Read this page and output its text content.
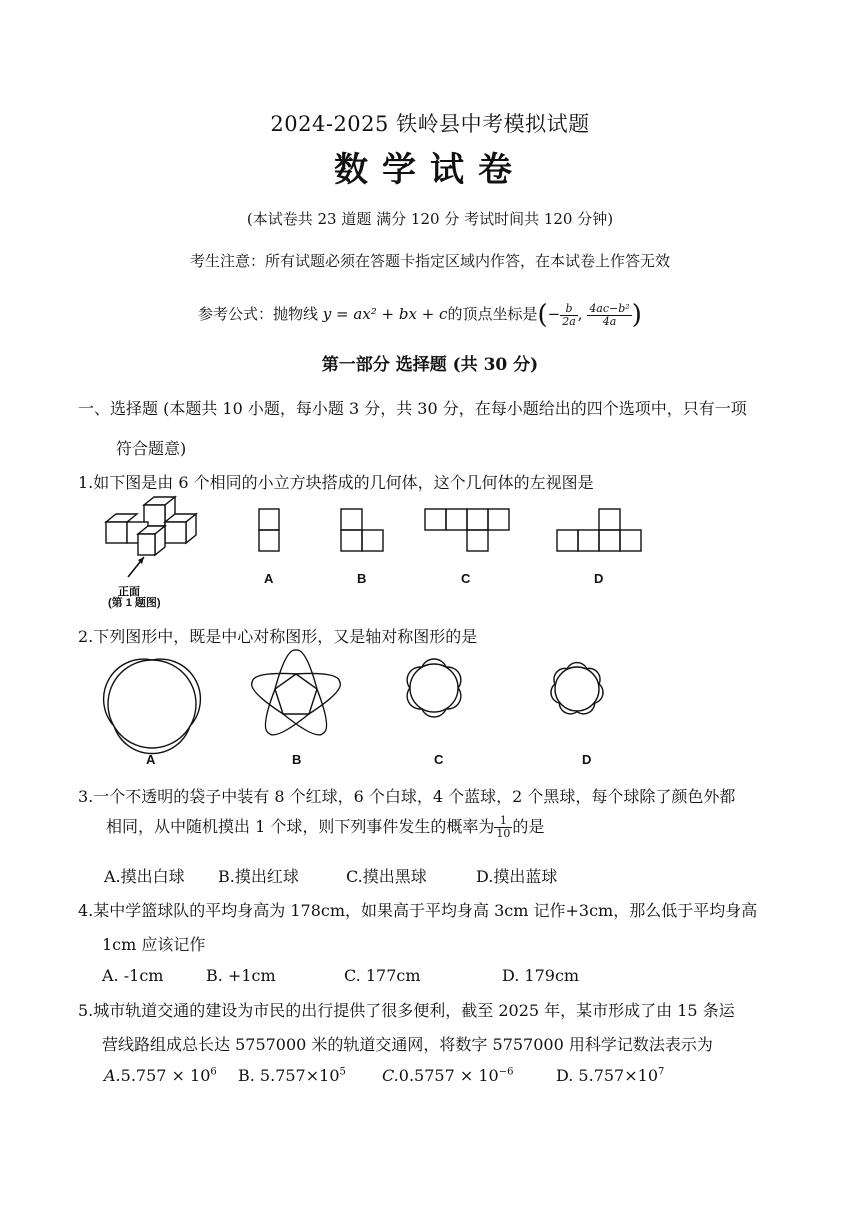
2024-2025 铁岭县中考模拟试题
数学试卷
(本试卷共 23 道题 满分 120 分 考试时间共 120 分钟)
考生注意：所有试题必须在答题卡指定区域内作答，在本试卷上作答无效
参考公式：抛物线 y = ax² + bx + c的顶点坐标是(− $\frac{b}{2a}$ , $\frac{\text{4ac−b²}}{4a}$ )
第一部分 选择题 (共 30 分)
一、选择题 (本题共 10 小题，每小题 3 分，共 30 分，在每小题给出的四个选项中，只有一项
符合题意)
1.如下图是由 6 个相同的小立方块搭成的几何体，这个几何体的左视图是
正面
(第 1 题图)
A	B	C	D
2.下列图形中，既是中心对称图形，又是轴对称图形的是
A	B	C	D
3.一个不透明的袋子中装有 8 个红球，6 个白球，4 个蓝球，2 个黑球，每个球除了颜色外都
相同，从中随机摸出 1 个球，则下列事件发生的概率为 $\frac{1}{10}$ 的是
A.摸出白球 B.摸出红球	C.摸出黑球	D.摸出蓝球
4.某中学篮球队的平均身高为 178cm，如果高于平均身高 3cm 记作+3cm，那么低于平均身高
1cm 应该记作
A. -1cm	B. +1cm	C. 177cm	D. 179cm
5.城市轨道交通的建设为市民的出行提供了很多便利，截至 2025 年，某市形成了由 15 条运
营线路组成总长达 5757000 米的轨道交通网，将数字 5757000 用科学记数法表示为
$A.5.757 \times 10^6$ B. $5.757\times 10^5$ $C.0.5757 \times 10^{-6}$	D. $5.757\times 10^7$
